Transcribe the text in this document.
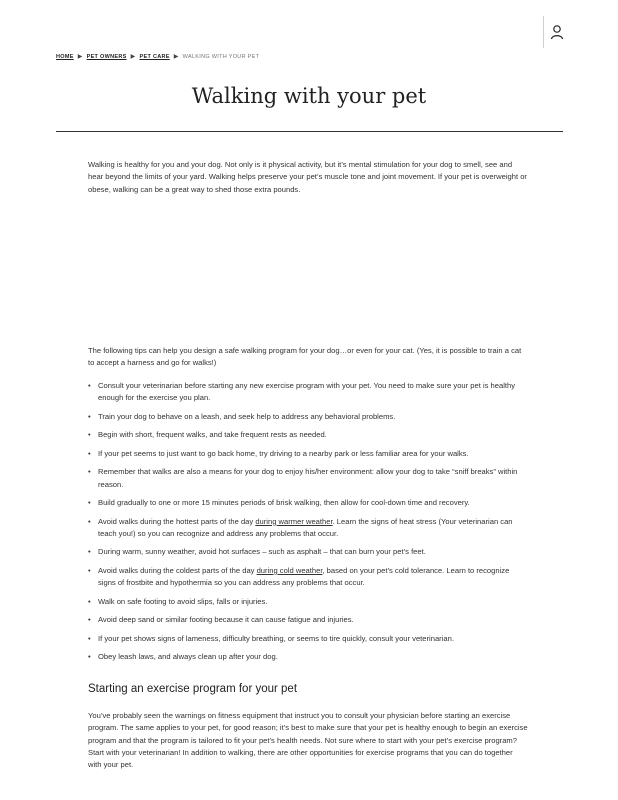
HOME ▶ PET OWNERS ▶ PET CARE ▶ WALKING WITH YOUR PET
Walking with your pet

Walking is healthy for you and your dog. Not only is it physical activity, but it’s mental stimulation for your dog to smell, see and hear beyond the limits of your yard. Walking helps preserve your pet’s muscle tone and joint movement. If your pet is overweight or obese, walking can be a great way to shed those extra pounds.

The following tips can help you design a safe walking program for your dog…or even for your cat. (Yes, it is possible to train a cat to accept a harness and go for walks!)

• Consult your veterinarian before starting any new exercise program with your pet. You need to make sure your pet is healthy enough for the exercise you plan.
• Train your dog to behave on a leash, and seek help to address any behavioral problems.
• Begin with short, frequent walks, and take frequent rests as needed.
• If your pet seems to just want to go back home, try driving to a nearby park or less familiar area for your walks.
• Remember that walks are also a means for your dog to enjoy his/her environment: allow your dog to take “sniff breaks” within reason.
• Build gradually to one or more 15 minutes periods of brisk walking, then allow for cool-down time and recovery.
• Avoid walks during the hottest parts of the day during warmer weather. Learn the signs of heat stress (Your veterinarian can teach you!) so you can recognize and address any problems that occur.
• During warm, sunny weather, avoid hot surfaces – such as asphalt – that can burn your pet’s feet.
• Avoid walks during the coldest parts of the day during cold weather, based on your pet’s cold tolerance. Learn to recognize signs of frostbite and hypothermia so you can address any problems that occur.
• Walk on safe footing to avoid slips, falls or injuries.
• Avoid deep sand or similar footing because it can cause fatigue and injuries.
• If your pet shows signs of lameness, difficulty breathing, or seems to tire quickly, consult your veterinarian.
• Obey leash laws, and always clean up after your dog.
Starting an exercise program for your pet

You’ve probably seen the warnings on fitness equipment that instruct you to consult your physician before starting an exercise program. The same applies to your pet, for good reason; it’s best to make sure that your pet is healthy enough to begin an exercise program and that the program is tailored to fit your pet’s health needs. Not sure where to start with your pet’s exercise program? Start with your veterinarian! In addition to walking, there are other opportunities for exercise programs that you can do together with your pet.
